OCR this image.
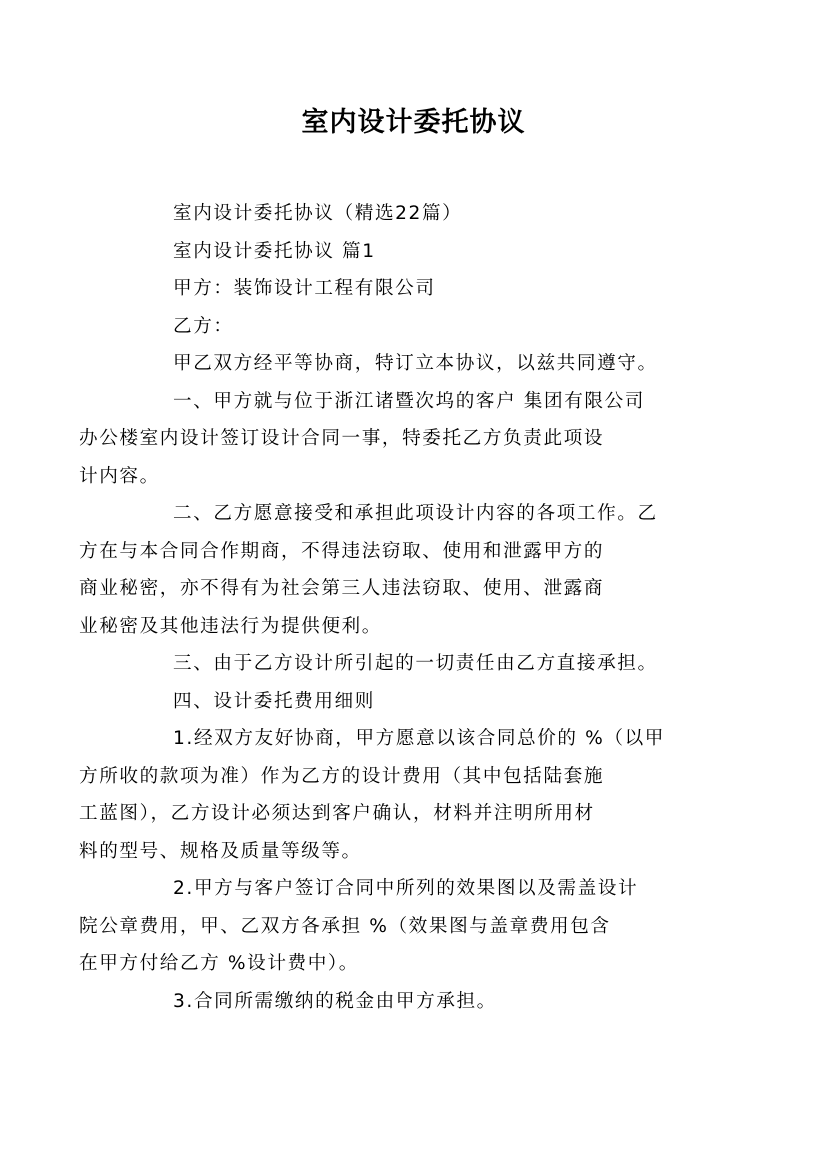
室内设计委托协议

室内设计委托协议（精选22篇）

室内设计委托协议 篇1

甲方：装饰设计工程有限公司

乙方：

甲乙双方经平等协商，特订立本协议，以兹共同遵守。

一、甲方就与位于浙江诸暨次坞的客户 集团有限公司
办公楼室内设计签订设计合同一事，特委托乙方负责此项设
计内容。

二、乙方愿意接受和承担此项设计内容的各项工作。乙
方在与本合同合作期商，不得违法窃取、使用和泄露甲方的
商业秘密，亦不得有为社会第三人违法窃取、使用、泄露商
业秘密及其他违法行为提供便利。

三、由于乙方设计所引起的一切责任由乙方直接承担。

四、设计委托费用细则

1.经双方友好协商，甲方愿意以该合同总价的 %（以甲
方所收的款项为准）作为乙方的设计费用（其中包括陆套施
工蓝图），乙方设计必须达到客户确认，材料并注明所用材
料的型号、规格及质量等级等。

2.甲方与客户签订合同中所列的效果图以及需盖设计
院公章费用，甲、乙双方各承担 %（效果图与盖章费用包含
在甲方付给乙方 %设计费中）。

3.合同所需缴纳的税金由甲方承担。
